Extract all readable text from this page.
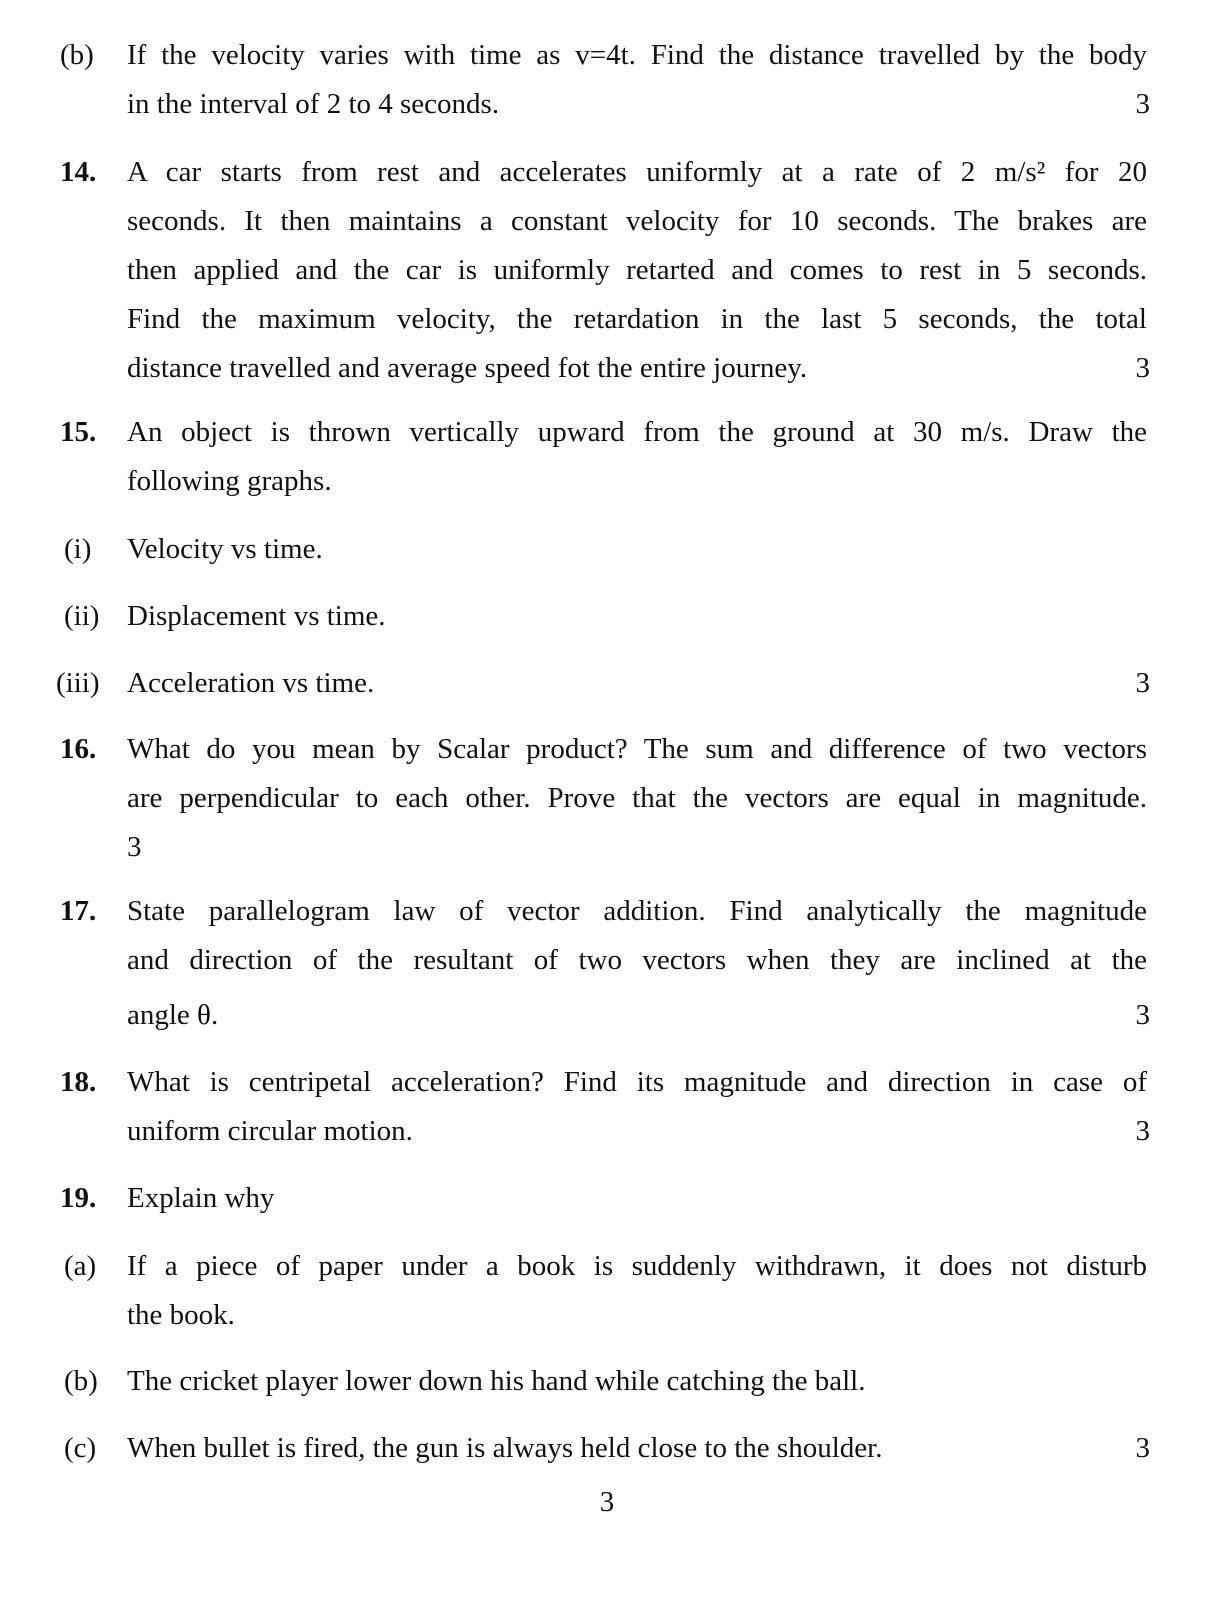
(b)	If the velocity varies with time as v=4t. Find the distance travelled by the body
in the interval of 2 to 4 seconds.	3
14.	A car starts from rest and accelerates uniformly at a rate of 2 m/s² for 20
seconds. It then maintains a constant velocity for 10 seconds. The brakes are
then applied and the car is uniformly retarted and comes to rest in 5 seconds.
Find the maximum velocity, the retardation in the last 5 seconds, the total
distance travelled and average speed fot the entire journey.	3
15.	An object is thrown vertically upward from the ground at 30 m/s. Draw the
following graphs.
(i)	Velocity vs time.
(ii) Displacement vs time.
(iii) Acceleration vs time.	3
16.	What do you mean by Scalar product? The sum and difference of two vectors
are perpendicular to each other. Prove that the vectors are equal in magnitude.
3
17.	State parallelogram law of vector addition. Find analytically the magnitude
and direction of the resultant of two vectors when they are inclined at the
angle θ.	3
18.	What is centripetal acceleration? Find its magnitude and direction in case of
uniform circular motion.	3
19.	Explain why
(a)	If a piece of paper under a book is suddenly withdrawn, it does not disturb
the book.
(b)	The cricket player lower down his hand while catching the ball.
(c)	When bullet is fired, the gun is always held close to the shoulder.	3
3
